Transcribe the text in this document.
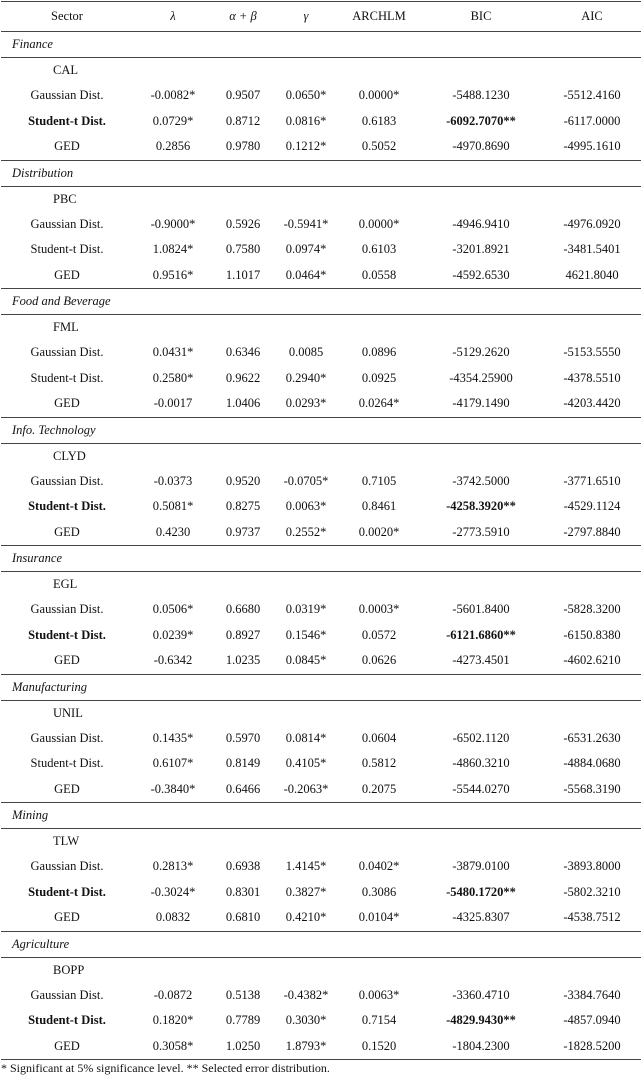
Sector	λ	α + β	γ	ARCHLM	BIC	AIC
Finance						
CAL						
Gaussian Dist.	-0.0082*	0.9507	0.0650*	0.0000*	-5488.1230	-5512.4160
Student-t Dist.	0.0729*	0.8712	0.0816*	0.6183	-6092.7070**	-6117.0000
GED	0.2856	0.9780	0.1212*	0.5052	-4970.8690	-4995.1610
Distribution						
PBC						
Gaussian Dist.	-0.9000*	0.5926	-0.5941*	0.0000*	-4946.9410	-4976.0920
Student-t Dist.	1.0824*	0.7580	0.0974*	0.6103	-3201.8921	-3481.5401
GED	0.9516*	1.1017	0.0464*	0.0558	-4592.6530	4621.8040
Food and Beverage						
FML						
Gaussian Dist.	0.0431*	0.6346	0.0085	0.0896	-5129.2620	-5153.5550
Student-t Dist.	0.2580*	0.9622	0.2940*	0.0925	-4354.25900	-4378.5510
GED	-0.0017	1.0406	0.0293*	0.0264*	-4179.1490	-4203.4420
Info. Technology						
CLYD						
Gaussian Dist.	-0.0373	0.9520	-0.0705*	0.7105	-3742.5000	-3771.6510
Student-t Dist.	0.5081*	0.8275	0.0063*	0.8461	-4258.3920**	-4529.1124
GED	0.4230	0.9737	0.2552*	0.0020*	-2773.5910	-2797.8840
Insurance						
EGL						
Gaussian Dist.	0.0506*	0.6680	0.0319*	0.0003*	-5601.8400	-5828.3200
Student-t Dist.	0.0239*	0.8927	0.1546*	0.0572	-6121.6860**	-6150.8380
GED	-0.6342	1.0235	0.0845*	0.0626	-4273.4501	-4602.6210
Manufacturing						
UNIL						
Gaussian Dist.	0.1435*	0.5970	0.0814*	0.0604	-6502.1120	-6531.2630
Student-t Dist.	0.6107*	0.8149	0.4105*	0.5812	-4860.3210	-4884.0680
GED	-0.3840*	0.6466	-0.2063*	0.2075	-5544.0270	-5568.3190
Mining						
TLW						
Gaussian Dist.	0.2813*	0.6938	1.4145*	0.0402*	-3879.0100	-3893.8000
Student-t Dist.	-0.3024*	0.8301	0.3827*	0.3086	-5480.1720**	-5802.3210
GED	0.0832	0.6810	0.4210*	0.0104*	-4325.8307	-4538.7512
Agriculture						
BOPP						
Gaussian Dist.	-0.0872	0.5138	-0.4382*	0.0063*	-3360.4710	-3384.7640
Student-t Dist.	0.1820*	0.7789	0.3030*	0.7154	-4829.9430**	-4857.0940
GED	0.3058*	1.0250	1.8793*	0.1520	-1804.2300	-1828.5200
* Significant at 5% significance level. ** Selected error distribution.
